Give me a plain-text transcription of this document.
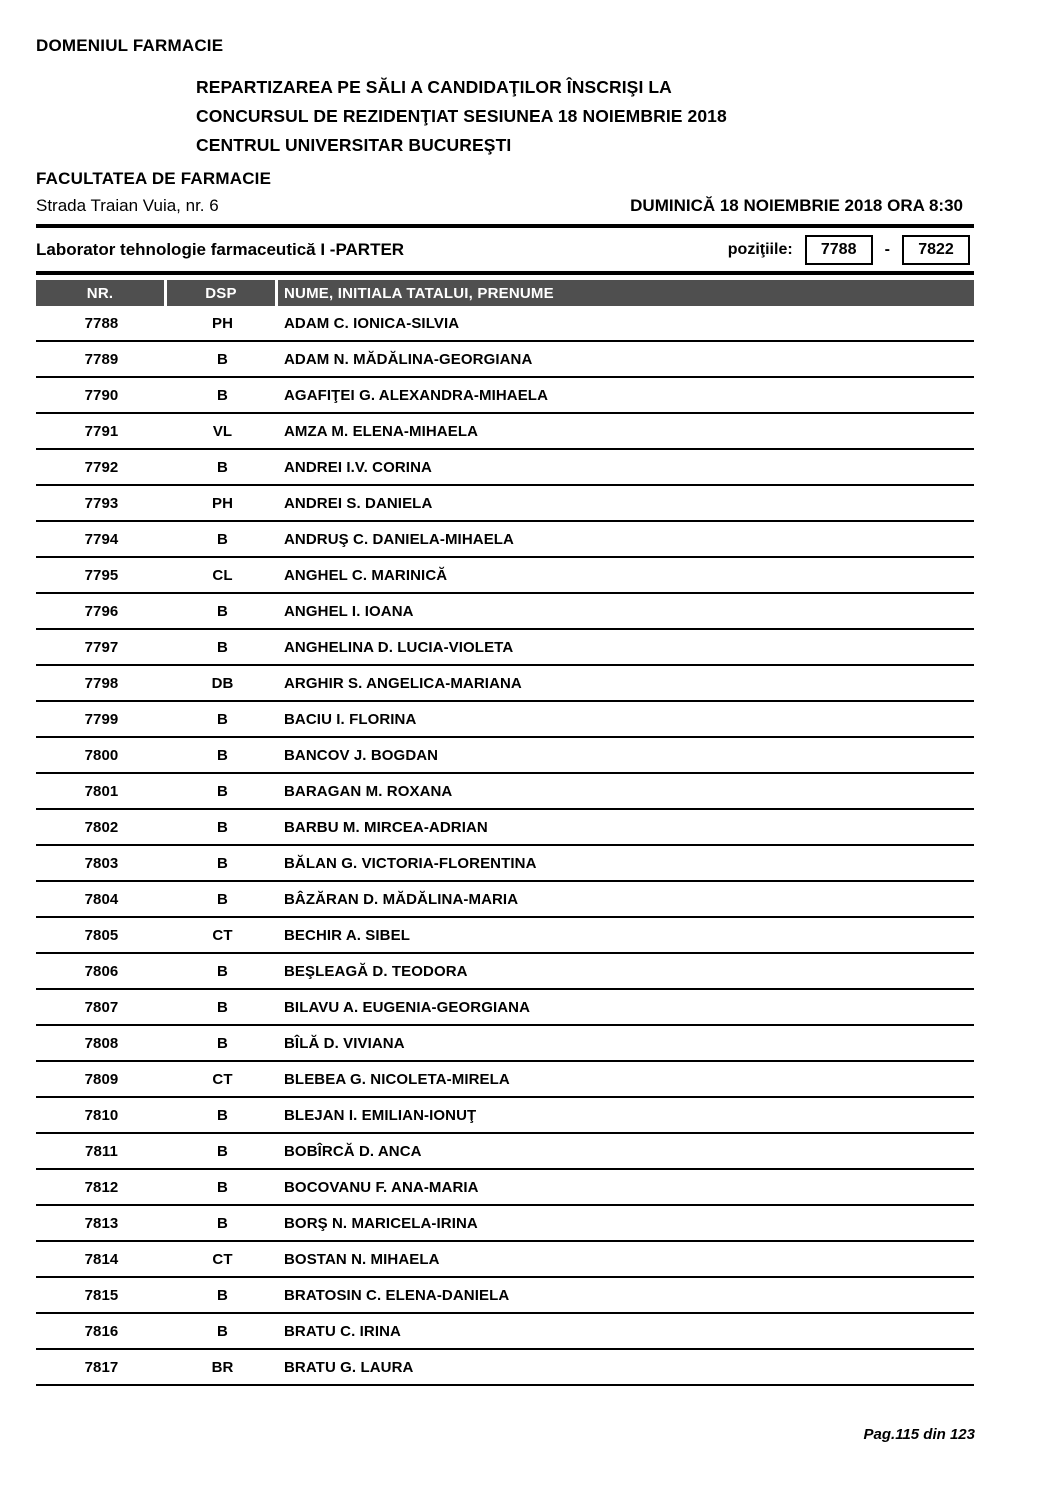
DOMENIUL FARMACIE
REPARTIZAREA PE SĂLI A CANDIDAŢILOR ÎNSCRIŞI LA
CONCURSUL DE REZIDENŢIAT SESIUNEA 18 NOIEMBRIE 2018
CENTRUL UNIVERSITAR BUCUREŞTI
FACULTATEA DE FARMACIE
Strada Traian Vuia, nr. 6	DUMINICĂ 18 NOIEMBRIE 2018 ORA 8:30
Laborator tehnologie farmaceutică I -PARTER	poziţiile:	7788	-	7822
NR.	DSP	NUME, INITIALA TATALUI, PRENUME
7788	PH	ADAM C. IONICA-SILVIA
7789	B	ADAM N. MĂDĂLINA-GEORGIANA
7790	B	AGAFIŢEI G. ALEXANDRA-MIHAELA
7791	VL	AMZA M. ELENA-MIHAELA
7792	B	ANDREI I.V. CORINA
7793	PH	ANDREI S. DANIELA
7794	B	ANDRUŞ C. DANIELA-MIHAELA
7795	CL	ANGHEL C. MARINICĂ
7796	B	ANGHEL I. IOANA
7797	B	ANGHELINA D. LUCIA-VIOLETA
7798	DB	ARGHIR S. ANGELICA-MARIANA
7799	B	BACIU I. FLORINA
7800	B	BANCOV J. BOGDAN
7801	B	BARAGAN M. ROXANA
7802	B	BARBU M. MIRCEA-ADRIAN
7803	B	BĂLAN G. VICTORIA-FLORENTINA
7804	B	BÂZĂRAN D. MĂDĂLINA-MARIA
7805	CT	BECHIR A. SIBEL
7806	B	BEŞLEAGĂ D. TEODORA
7807	B	BILAVU A. EUGENIA-GEORGIANA
7808	B	BÎLĂ D. VIVIANA
7809	CT	BLEBEA G. NICOLETA-MIRELA
7810	B	BLEJAN I. EMILIAN-IONUŢ
7811	B	BOBÎRCĂ D. ANCA
7812	B	BOCOVANU F. ANA-MARIA
7813	B	BORŞ N. MARICELA-IRINA
7814	CT	BOSTAN N. MIHAELA
7815	B	BRATOSIN C. ELENA-DANIELA
7816	B	BRATU C. IRINA
7817	BR	BRATU G. LAURA
Pag.115 din 123
